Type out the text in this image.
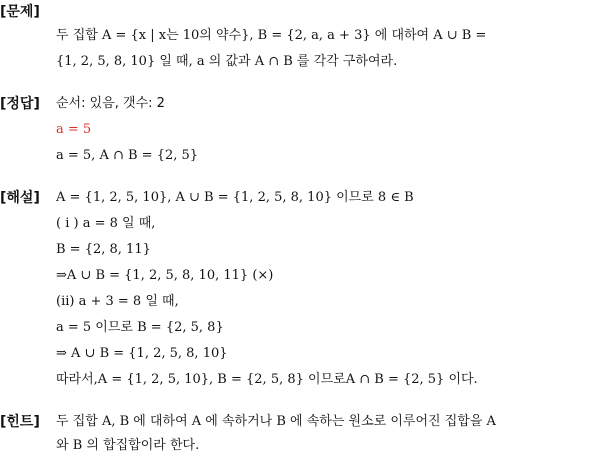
[문제]
두 집합 A = {x | x는 10의 약수}, B = {2, a, a + 3} 에 대하여 A ∪ B =
{1, 2, 5, 8, 10} 일 때, a 의 값과 A ∩ B 를 각각 구하여라.
[정답] 순서: 있음, 갯수: 2
a = 5
a = 5, A ∩ B = {2, 5}
[해설] A = {1, 2, 5, 10}, A ∪ B = {1, 2, 5, 8, 10} 이므로 8 ∈ B
( i ) a = 8 일 때,
B = {2, 8, 11}
⇒A ∪ B = {1, 2, 5, 8, 10, 11} (×)
(ii) a + 3 = 8 일 때,
a = 5 이므로 B = {2, 5, 8}
⇒ A ∪ B = {1, 2, 5, 8, 10}
따라서,A = {1, 2, 5, 10}, B = {2, 5, 8} 이므로A ∩ B = {2, 5} 이다.
[힌트] 두 집합 A, B 에 대하여 A 에 속하거나 B 에 속하는 원소로 이루어진 집합을 A
와 B 의 합집합이라 한다.
